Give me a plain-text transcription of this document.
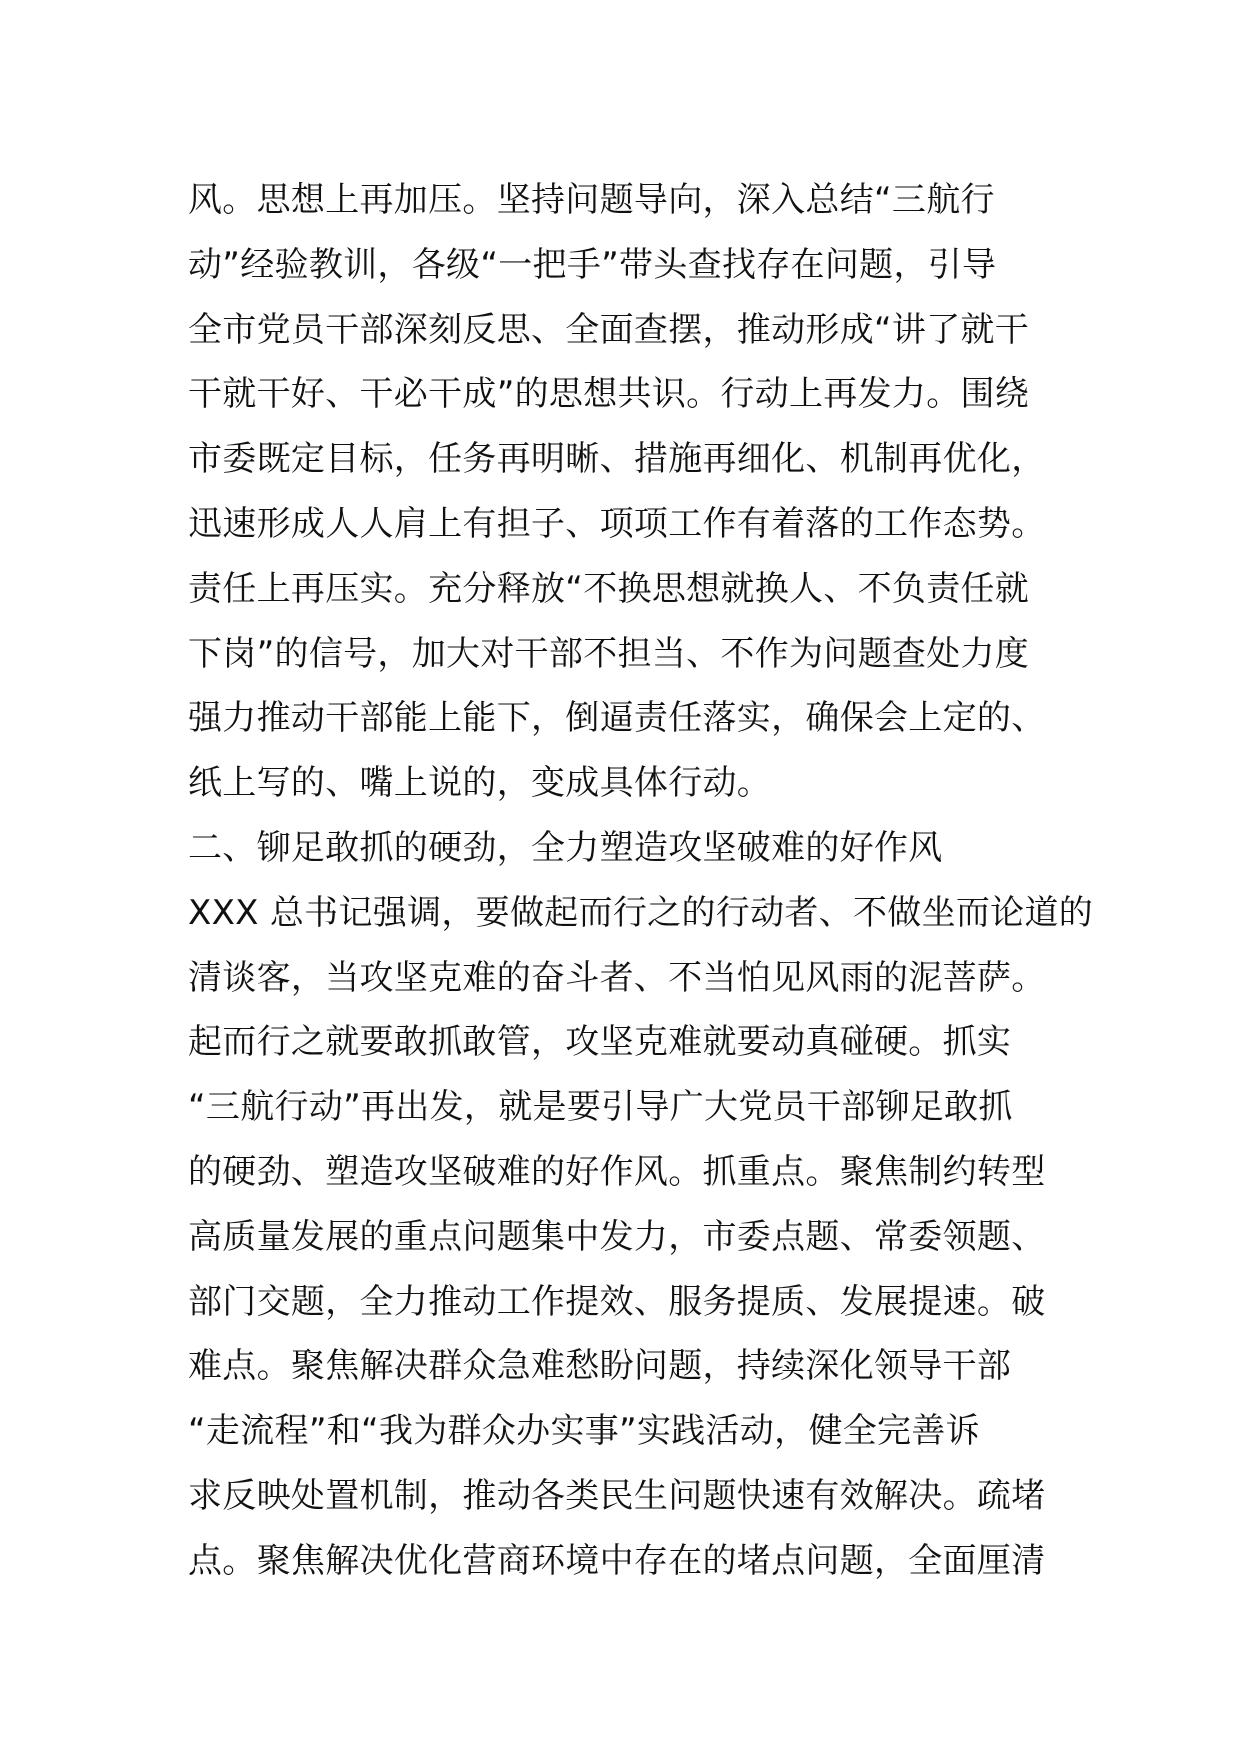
风。思想上再加压。坚持问题导向，深入总结“三航行
动”经验教训，各级“一把手”带头查找存在问题，引导
全市党员干部深刻反思、全面查摆，推动形成“讲了就干
干就干好、干必干成”的思想共识。行动上再发力。围绕
市委既定目标，任务再明晰、措施再细化、机制再优化，
迅速形成人人肩上有担子、项项工作有着落的工作态势。
责任上再压实。充分释放“不换思想就换人、不负责任就
下岗”的信号，加大对干部不担当、不作为问题查处力度
强力推动干部能上能下，倒逼责任落实，确保会上定的、
纸上写的、嘴上说的，变成具体行动。
二、铆足敢抓的硬劲，全力塑造攻坚破难的好作风
XXX 总书记强调，要做起而行之的行动者、不做坐而论道的
清谈客，当攻坚克难的奋斗者、不当怕见风雨的泥菩萨。
起而行之就要敢抓敢管，攻坚克难就要动真碰硬。抓实
“三航行动”再出发，就是要引导广大党员干部铆足敢抓
的硬劲、塑造攻坚破难的好作风。抓重点。聚焦制约转型
高质量发展的重点问题集中发力，市委点题、常委领题、
部门交题，全力推动工作提效、服务提质、发展提速。破
难点。聚焦解决群众急难愁盼问题，持续深化领导干部
“走流程”和“我为群众办实事”实践活动，健全完善诉
求反映处置机制，推动各类民生问题快速有效解决。疏堵
点。聚焦解决优化营商环境中存在的堵点问题，全面厘清
